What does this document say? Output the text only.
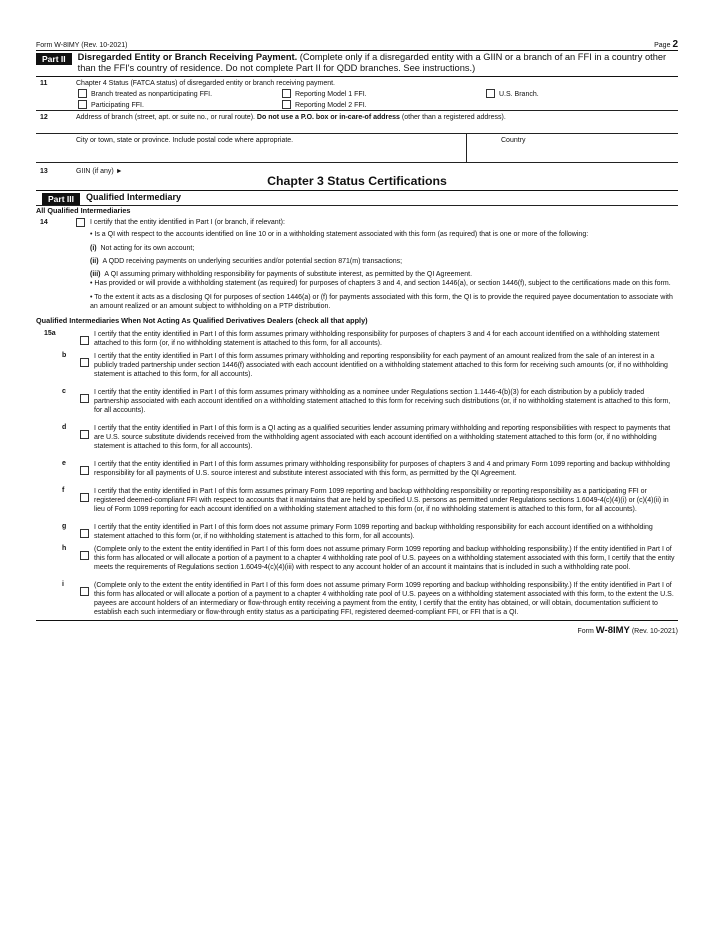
Form W-8IMY (Rev. 10-2021)	Page 2
Part II	Disregarded Entity or Branch Receiving Payment. (Complete only if a disregarded entity with a GIIN or a branch of an FFI in a country other than the FFI's country of residence. Do not complete Part II for QDD branches. See instructions.)
11	Chapter 4 Status (FATCA status) of disregarded entity or branch receiving payment.
Branch treated as nonparticipating FFI.	Reporting Model 1 FFI.	U.S. Branch.
Participating FFI.	Reporting Model 2 FFI.
12	Address of branch (street, apt. or suite no., or rural route). Do not use a P.O. box or in-care-of address (other than a registered address).
City or town, state or province. Include postal code where appropriate.	Country
13	GIIN (if any) ►
Chapter 3 Status Certifications
Part III	Qualified Intermediary
All Qualified Intermediaries
14	I certify that the entity identified in Part I (or branch, if relevant):
• Is a QI with respect to the accounts identified on line 10 or in a withholding statement associated with this form (as required) that is one or more of the following:
(i) Not acting for its own account;
(ii) A QDD receiving payments on underlying securities and/or potential section 871(m) transactions;
(iii) A QI assuming primary withholding responsibility for payments of substitute interest, as permitted by the QI Agreement.
• Has provided or will provide a withholding statement (as required) for purposes of chapters 3 and 4, and section 1446(a), or section 1446(f), subject to the certifications made on this form.
• To the extent it acts as a disclosing QI for purposes of section 1446(a) or (f) for payments associated with this form, the QI is to provide the required payee documentation to associate with an amount realized or an amount subject to withholding on a PTP distribution.
Qualified Intermediaries When Not Acting As Qualified Derivatives Dealers (check all that apply)
15a	I certify that the entity identified in Part I of this form assumes primary withholding responsibility for purposes of chapters 3 and 4 for each account identified on a withholding statement attached to this form (or, if no withholding statement is attached to this form, for all accounts).
b	I certify that the entity identified in Part I of this form assumes primary withholding and reporting responsibility for each payment of an amount realized from the sale of an interest in a publicly traded partnership under section 1446(f) associated with each account identified on a withholding statement attached to this form for receiving such amounts (or, if no withholding statement is attached to this form, for all accounts).
c	I certify that the entity identified in Part I of this form assumes primary withholding as a nominee under Regulations section 1.1446-4(b)(3) for each distribution by a publicly traded partnership associated with each account identified on a withholding statement attached to this form for receiving such distributions (or, if no withholding statement is attached to this form, for all accounts).
d	I certify that the entity identified in Part I of this form is a QI acting as a qualified securities lender assuming primary withholding and reporting responsibilities with respect to payments that are U.S. source substitute dividends received from the withholding agent associated with each account identified on a withholding statement attached to this form (or, if no withholding statement is attached to this form, for all accounts).
e	I certify that the entity identified in Part I of this form assumes primary withholding responsibility for purposes of chapters 3 and 4 and primary Form 1099 reporting and backup withholding responsibility for all payments of U.S. source interest and substitute interest associated with this form, as permitted by the QI Agreement.
f	I certify that the entity identified in Part I of this form assumes primary Form 1099 reporting and backup withholding responsibility or reporting responsibility as a participating FFI or registered deemed-compliant FFI with respect to accounts that it maintains that are held by specified U.S. persons as permitted under Regulations sections 1.6049-4(c)(4)(i) or (c)(4)(ii) in lieu of Form 1099 reporting for each account identified on a withholding statement attached to this form (or, if no withholding statement is attached to this form, for all accounts).
g	I certify that the entity identified in Part I of this form does not assume primary Form 1099 reporting and backup withholding responsibility for each account identified on a withholding statement attached to this form (or, if no withholding statement is attached to this form, for all accounts).
h	(Complete only to the extent the entity identified in Part I of this form does not assume primary Form 1099 reporting and backup withholding responsibility.) If the entity identified in Part I of this form has allocated or will allocate a portion of a payment to a chapter 4 withholding rate pool of U.S. payees on a withholding statement associated with this form, I certify that the entity meets the requirements of Regulations section 1.6049-4(c)(4)(iii) with respect to any account holder of an account it maintains that is included in such a withholding rate pool.
i	(Complete only to the extent the entity identified in Part I of this form does not assume primary Form 1099 reporting and backup withholding responsibility.) If the entity identified in Part I of this form has allocated or will allocate a portion of a payment to a chapter 4 withholding rate pool of U.S. payees on a withholding statement associated with this form, to the extent the U.S. payees are account holders of an intermediary or flow-through entity receiving a payment from the entity, I certify that the entity has obtained, or will obtain, documentation sufficient to establish each such intermediary or flow-through entity status as a participating FFI, registered deemed-compliant FFI, or FFI that is a QI.
Form W-8IMY (Rev. 10-2021)
